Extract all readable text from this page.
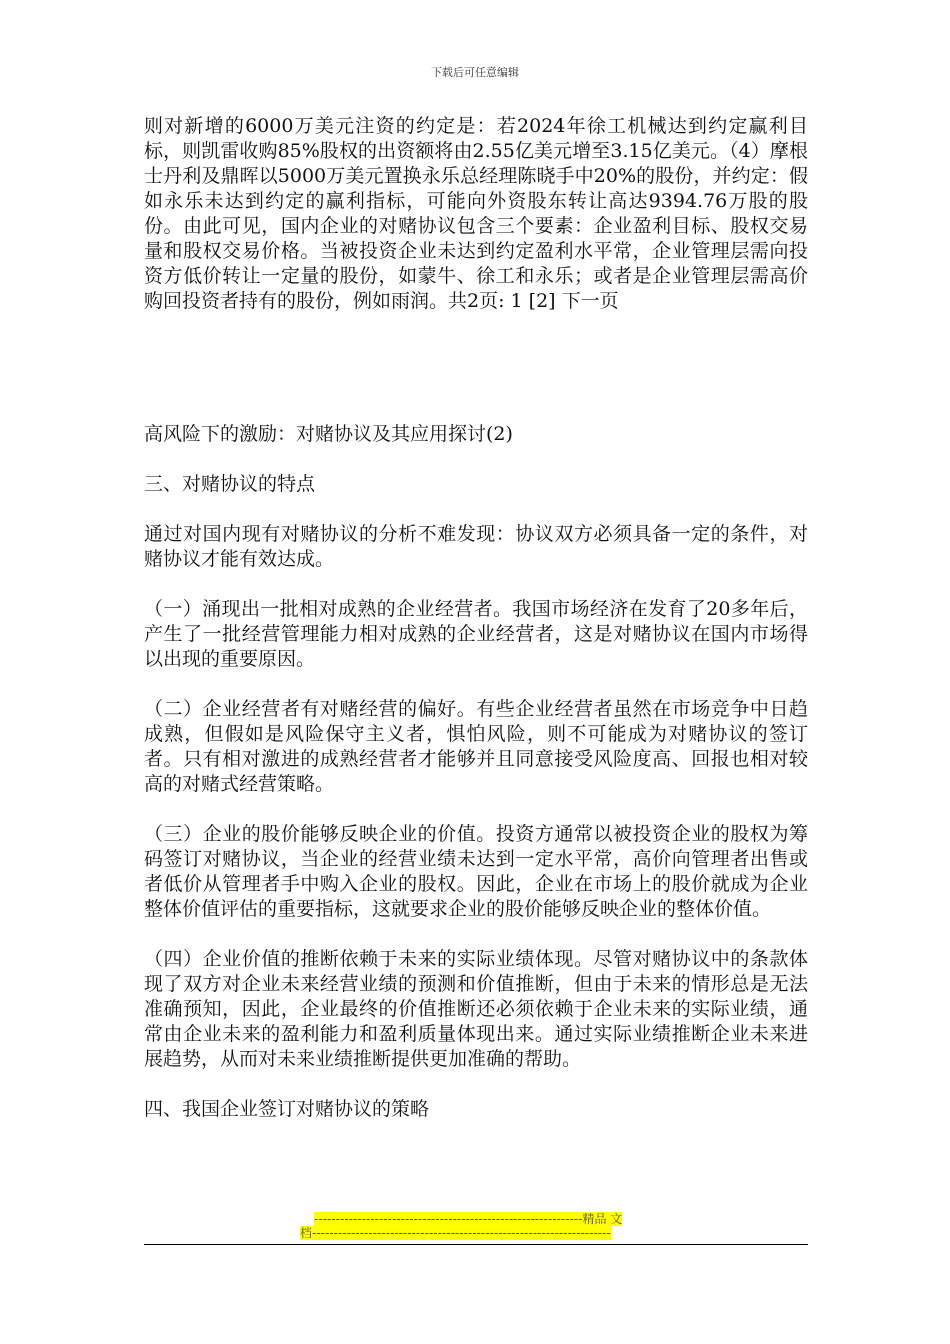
下载后可任意编辑

则对新增的6000万美元注资的约定是：若2024年徐工机械达到约定赢利目标，则凯雷收购85%股权的出资额将由2.55亿美元增至3.15亿美元。（4）摩根士丹利及鼎晖以5000万美元置换永乐总经理陈晓手中20%的股份，并约定：假如永乐未达到约定的赢利指标，可能向外资股东转让高达9394.76万股的股份。由此可见，国内企业的对赌协议包含三个要素：企业盈利目标、股权交易量和股权交易价格。当被投资企业未达到约定盈利水平常，企业管理层需向投资方低价转让一定量的股份，如蒙牛、徐工和永乐；或者是企业管理层需高价购回投资者持有的股份，例如雨润。共2页: 1 [2] 下一页

高风险下的激励：对赌协议及其应用探讨(2)

三、对赌协议的特点

通过对国内现有对赌协议的分析不难发现：协议双方必须具备一定的条件，对赌协议才能有效达成。

（一）涌现出一批相对成熟的企业经营者。我国市场经济在发育了20多年后，产生了一批经营管理能力相对成熟的企业经营者，这是对赌协议在国内市场得以出现的重要原因。

（二）企业经营者有对赌经营的偏好。有些企业经营者虽然在市场竞争中日趋成熟，但假如是风险保守主义者，惧怕风险，则不可能成为对赌协议的签订者。只有相对激进的成熟经营者才能够并且同意接受风险度高、回报也相对较高的对赌式经营策略。

（三）企业的股价能够反映企业的价值。投资方通常以被投资企业的股权为筹码签订对赌协议，当企业的经营业绩未达到一定水平常，高价向管理者出售或者低价从管理者手中购入企业的股权。因此，企业在市场上的股价就成为企业整体价值评估的重要指标，这就要求企业的股价能够反映企业的整体价值。

（四）企业价值的推断依赖于未来的实际业绩体现。尽管对赌协议中的条款体现了双方对企业未来经营业绩的预测和价值推断，但由于未来的情形总是无法准确预知，因此，企业最终的价值推断还必须依赖于企业未来的实际业绩，通常由企业未来的盈利能力和盈利质量体现出来。通过实际业绩推断企业未来进展趋势，从而对未来业绩推断提供更加准确的帮助。

四、我国企业签订对赌协议的策略

--------------------------------------------------------------精品 文
档---------------------------------------------------------------------
